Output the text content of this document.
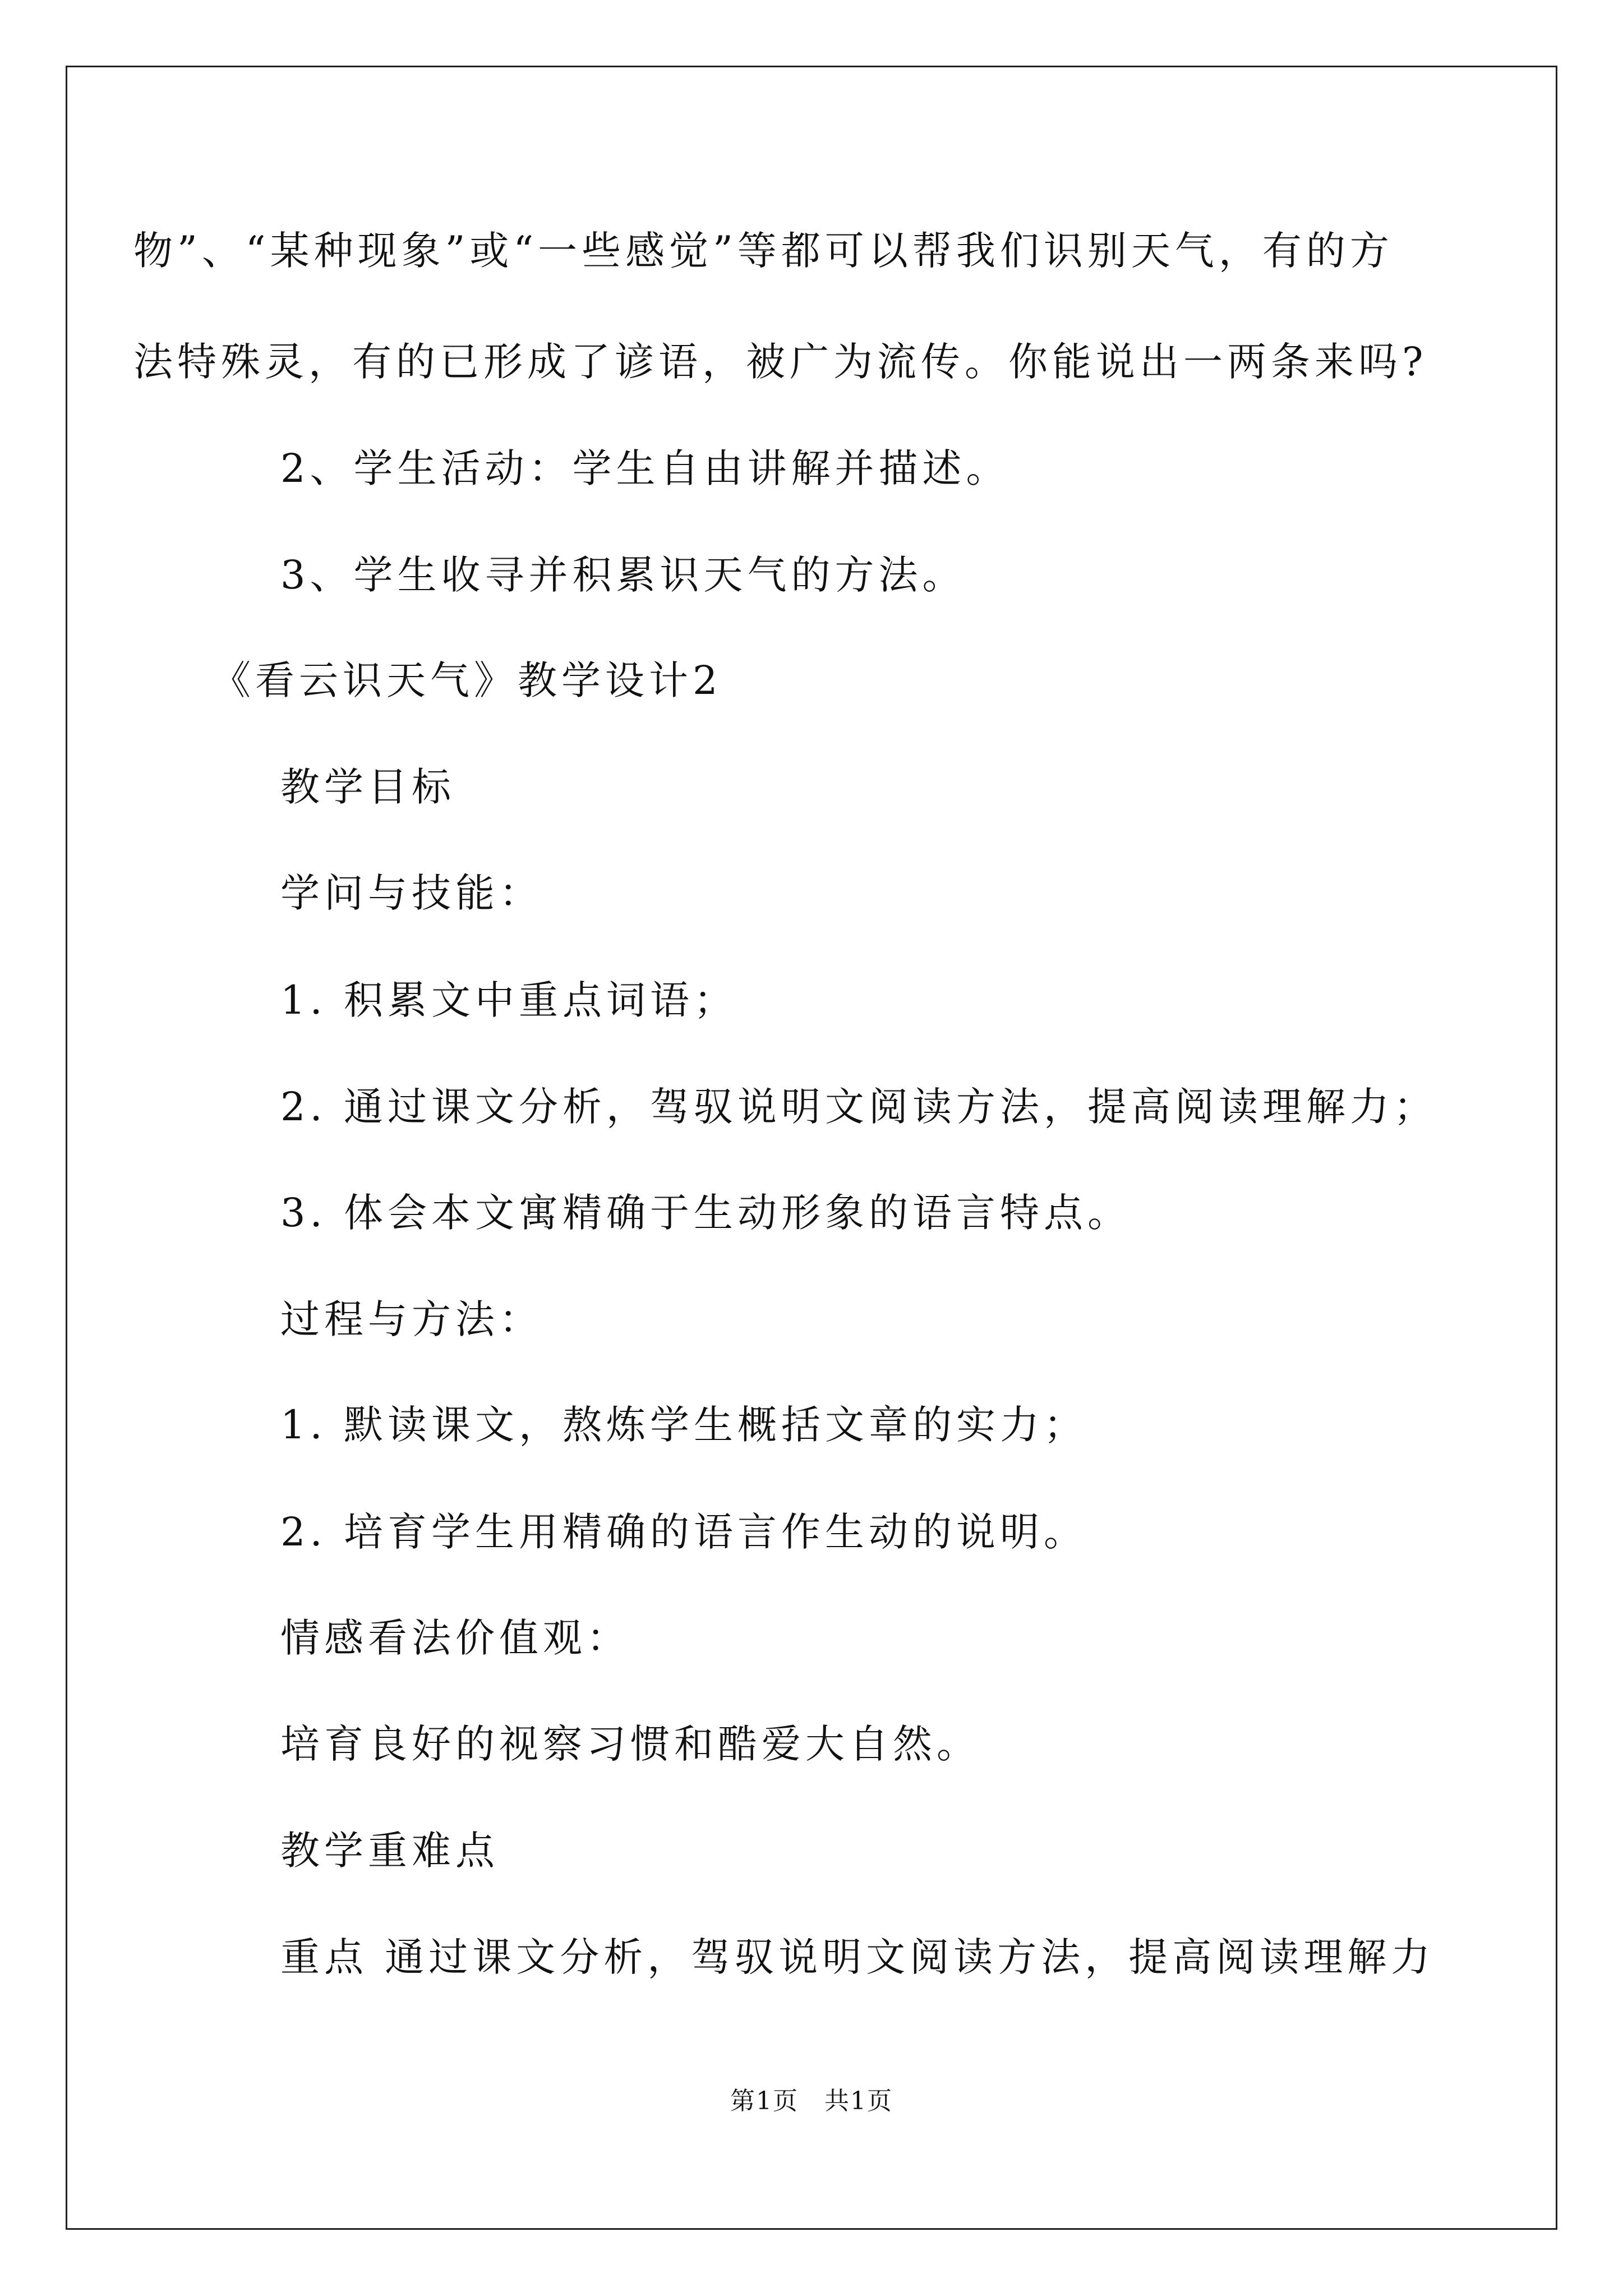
物”、“某种现象”或“一些感觉”等都可以帮我们识别天气，有的方
法特殊灵，有的已形成了谚语，被广为流传。你能说出一两条来吗?
2、学生活动：学生自由讲解并描述。
3、学生收寻并积累识天气的方法。
《看云识天气》教学设计2
教学目标
学问与技能：
1. 积累文中重点词语；
2. 通过课文分析，驾驭说明文阅读方法，提高阅读理解力；
3. 体会本文寓精确于生动形象的语言特点。
过程与方法：
1. 默读课文，熬炼学生概括文章的实力；
2. 培育学生用精确的语言作生动的说明。
情感看法价值观：
培育良好的视察习惯和酷爱大自然。
教学重难点
重点 通过课文分析，驾驭说明文阅读方法，提高阅读理解力
第1页　共1页
